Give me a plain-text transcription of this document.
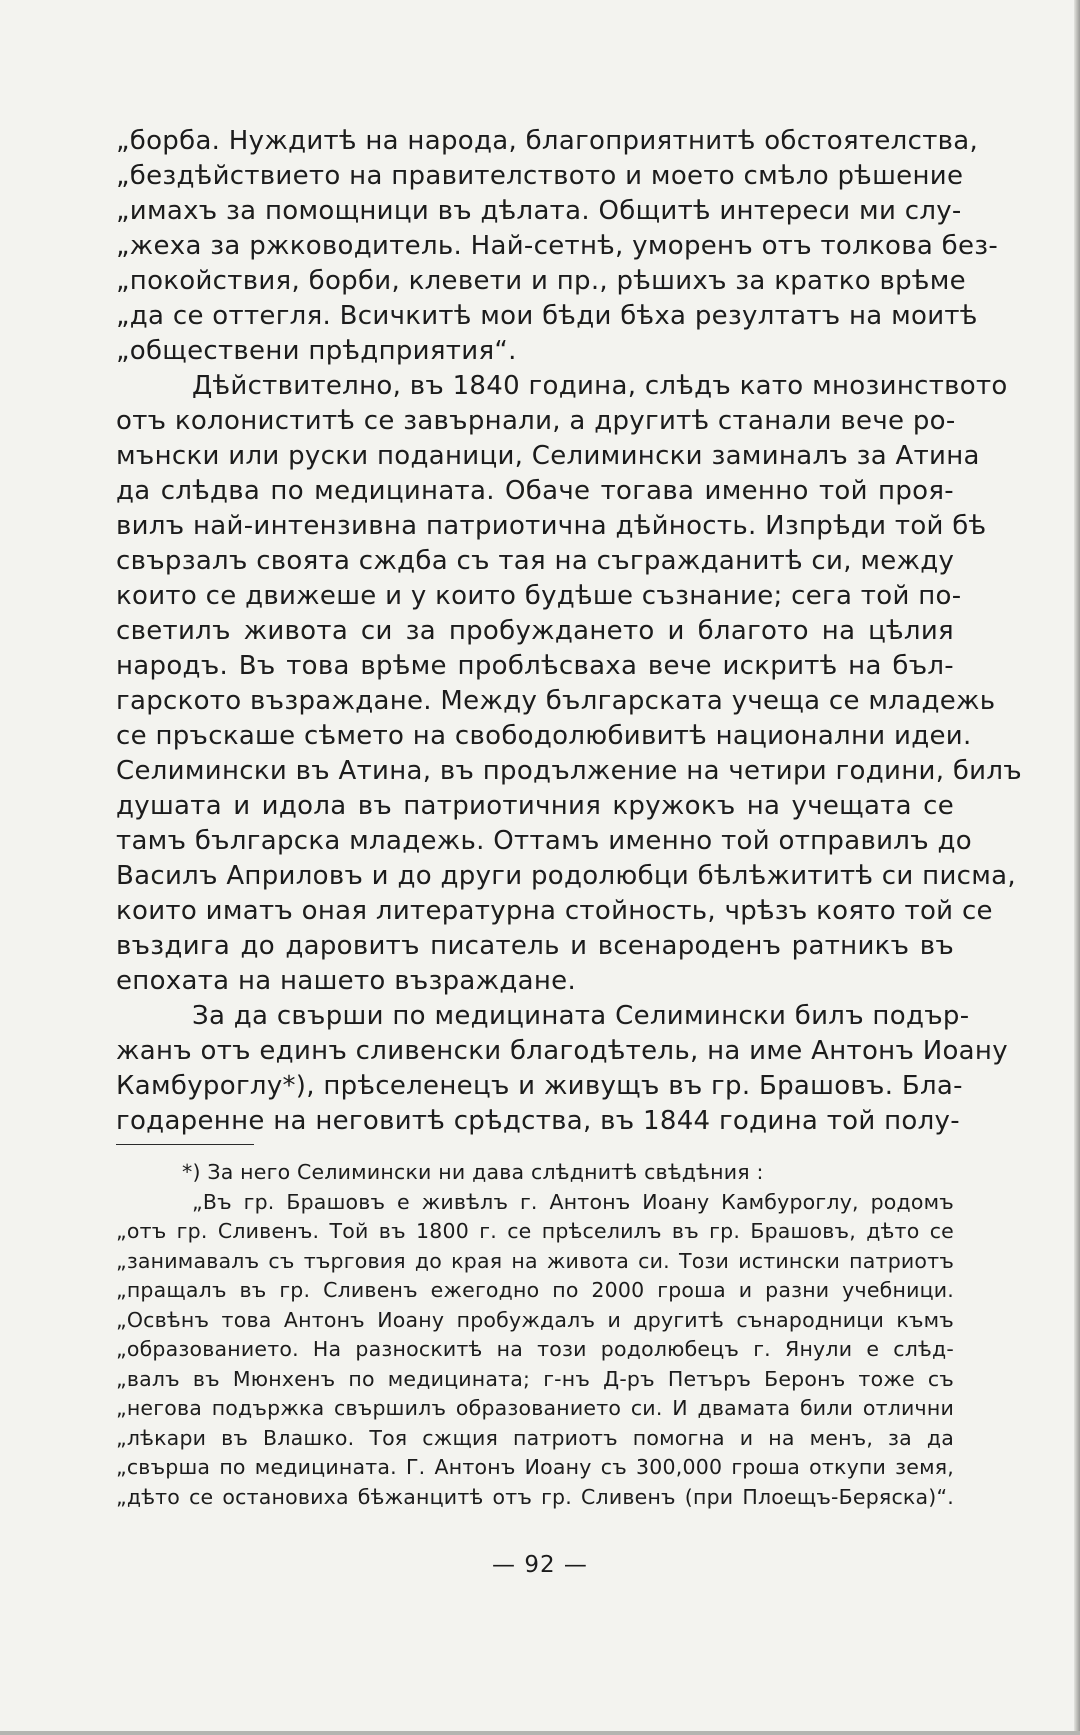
„борба. Нуждитѣ на народа, благоприятнитѣ обстоятелства,
„бездѣйствието на правителството и моето смѣло рѣшение
„имахъ за помощници въ дѣлата. Общитѣ интереси ми слу-
„жеха за ржководитель. Най-сетнѣ, уморенъ отъ толкова без-
„покойствия, борби, клевети и пр., рѣшихъ за кратко врѣме
„да се оттегля. Всичкитѣ мои бѣди бѣха резултатъ на моитѣ
„обществени прѣдприятия“.
Дѣйствително, въ 1840 година, слѣдъ като мнозинството
отъ колониститѣ се завърнали, а другитѣ станали вече ро-
мънски или руски поданици, Селимински заминалъ за Атина
да слѣдва по медицината. Обаче тогава именно той проя-
вилъ най-интензивна патриотична дѣйность. Изпрѣди той бѣ
свързалъ своята сждба съ тая на съгражданитѣ си, между
които се движеше и у които будѣше съзнание; сега той по-
светилъ живота си за пробуждането и благото на цѣлия
народъ. Въ това врѣме проблѣсваха вече искритѣ на бъл-
гарското възраждане. Между българската учеща се младежь
се пръскаше сѣмето на свободолюбивитѣ национални идеи.
Селимински въ Атина, въ продължение на четири години, билъ
душата и идола въ патриотичния кружокъ на учещата се
тамъ българска младежь. Оттамъ именно той отправилъ до
Василъ Априловъ и до други родолюбци бѣлѣжититѣ си писма,
които иматъ оная литературна стойность, чрѣзъ която той се
въздига до даровитъ писатель и всенароденъ ратникъ въ
епохата на нашето възраждане.
За да свърши по медицината Селимински билъ подър-
жанъ отъ единъ сливенски благодѣтель, на име Антонъ Иоану
Камбуроглу*), прѣселенецъ и живущъ въ гр. Брашовъ. Бла-
годаренне на неговитѣ срѣдства, въ 1844 година той полу-
*) За него Селимински ни дава слѣднитѣ свѣдѣния :
„Въ гр. Брашовъ е живѣлъ г. Антонъ Иоану Камбуроглу, родомъ
„отъ гр. Сливенъ. Той въ 1800 г. се прѣселилъ въ гр. Брашовъ, дѣто се
„занимавалъ съ търговия до края на живота си. Този истински патриотъ
„пращалъ въ гр. Сливенъ ежегодно по 2000 гроша и разни учебници.
„Освѣнъ това Антонъ Иоану пробуждалъ и другитѣ сънародници къмъ
„образованието. На разноскитѣ на този родолюбецъ г. Янули е слѣд-
„валъ въ Мюнхенъ по медицината; г-нъ Д-ръ Петъръ Беронъ тоже съ
„негова подържка свършилъ образованието си. И двамата били отлични
„лѣкари въ Влашко. Тоя сжщия патриотъ помогна и на менъ, за да
„свърша по медицината. Г. Антонъ Иоану съ 300,000 гроша откупи земя,
„дѣто се остановиха бѣжанцитѣ отъ гр. Сливенъ (при Плоещъ-Беряска)“.
— 92 —
